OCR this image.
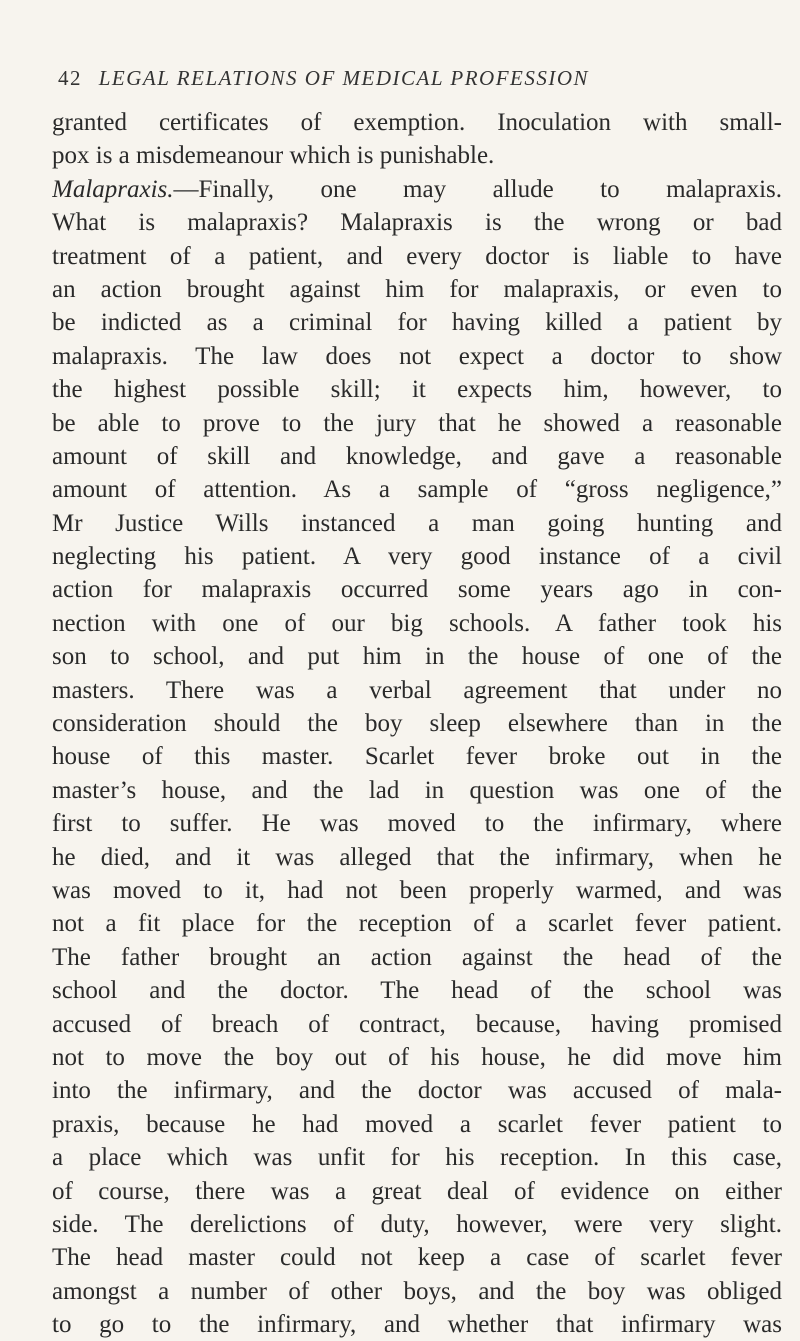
42 LEGAL RELATIONS OF MEDICAL PROFESSION
granted certificates of exemption. Inoculation with small-
pox is a misdemeanour which is punishable.
Malapraxis.—Finally, one may allude to malapraxis.
What is malapraxis? Malapraxis is the wrong or bad
treatment of a patient, and every doctor is liable to have
an action brought against him for malapraxis, or even to
be indicted as a criminal for having killed a patient by
malapraxis. The law does not expect a doctor to show
the highest possible skill; it expects him, however, to
be able to prove to the jury that he showed a reasonable
amount of skill and knowledge, and gave a reasonable
amount of attention. As a sample of “gross negligence,”
Mr Justice Wills instanced a man going hunting and
neglecting his patient. A very good instance of a civil
action for malapraxis occurred some years ago in con-
nection with one of our big schools. A father took his
son to school, and put him in the house of one of the
masters. There was a verbal agreement that under no
consideration should the boy sleep elsewhere than in the
house of this master. Scarlet fever broke out in the
master’s house, and the lad in question was one of the
first to suffer. He was moved to the infirmary, where
he died, and it was alleged that the infirmary, when he
was moved to it, had not been properly warmed, and was
not a fit place for the reception of a scarlet fever patient.
The father brought an action against the head of the
school and the doctor. The head of the school was
accused of breach of contract, because, having promised
not to move the boy out of his house, he did move him
into the infirmary, and the doctor was accused of mala-
praxis, because he had moved a scarlet fever patient to
a place which was unfit for his reception. In this case,
of course, there was a great deal of evidence on either
side. The derelictions of duty, however, were very slight.
The head master could not keep a case of scarlet fever
amongst a number of other boys, and the boy was obliged
to go to the infirmary, and whether that infirmary was
